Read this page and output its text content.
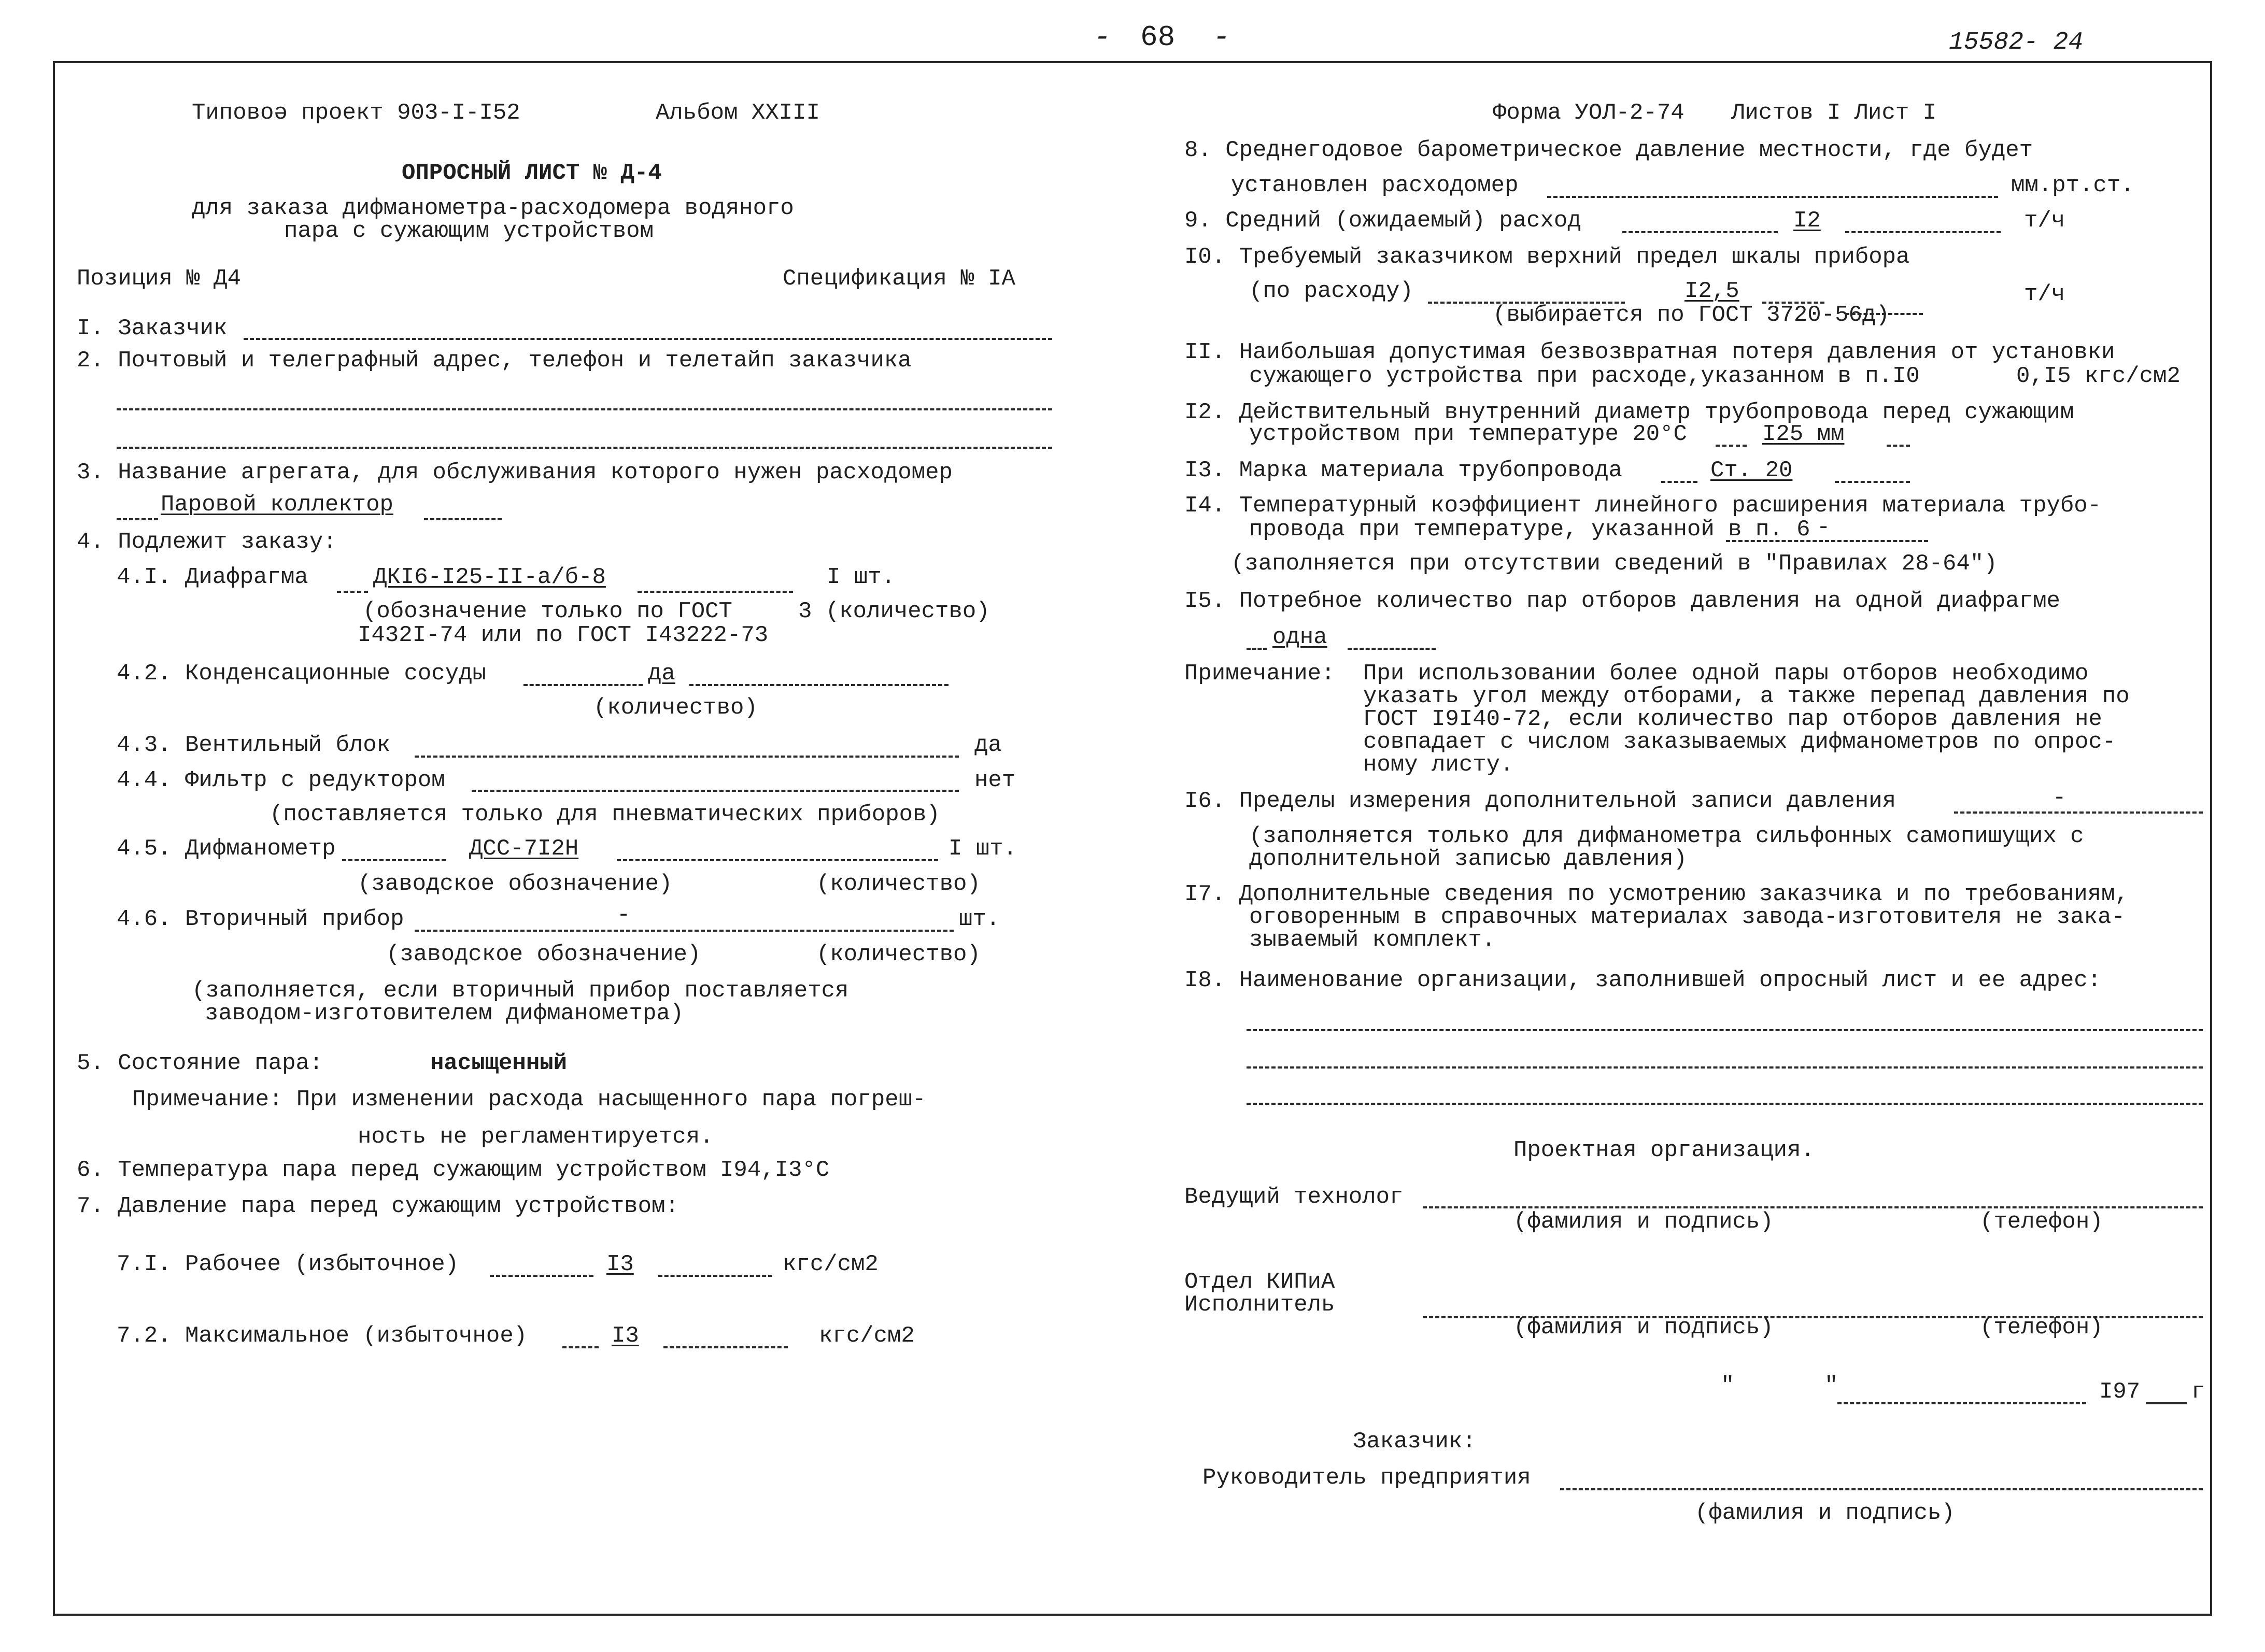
- 68 -	15582- 24
Типовоə проект 903-I-I52	Альбом XXIII
ОПРОСНЫЙ ЛИСТ № Д-4
для заказа дифманометра-расходомера водяного
пара с сужающим устройством
Позиция № Д4	Спецификация № IA
I. Заказчик
2. Почтовый и телеграфный адрес, телефон и телетайп заказчика
3. Название агрегата, для обслуживания которого нужен расходомер
Паровой коллектор
4. Подлежит заказу:
4.I. Диафрагма	ДКI6-I25-II-а/б-8	I шт.
(обозначение только по ГОСТ	3 (количество)
I432I-74 или по ГОСТ I43222-73
4.2. Конденсационные сосуды	да
(количество)
4.3. Вентильный блок	да
4.4. Фильтр с редуктором	нет
(поставляется только для пневматических приборов)
4.5. Дифманометр	ДСС-7I2Н	I шт.
(заводское обозначение)	(количество)
4.6. Вторичный прибор	-	шт.
(заводское обозначение)	(количество)
(заполняется, если вторичный прибор поставляется
заводом-изготовителем дифманометра)
5. Состояние пара:	насыщенный
Примечание: При изменении расхода насыщенного пара погреш-
ность не регламентируется.
6. Температура пара перед сужающим устройством I94,I3°C
7. Давление пара перед сужающим устройством:
7.I. Рабочее (избыточное)	I3	кгс/см2
7.2. Максимальное (избыточное)	I3	кгс/см2
Форма УОЛ-2-74 Листов I Лист I
8. Среднегодовое барометрическое давление местности, где будет
установлен расходомер	мм.рт.ст.
9. Средний (ожидаемый) расход	I2	т/ч
I0. Требуемый заказчиком верхний предел шкалы прибора
(по расходу)	I2,5
(выбирается по ГОСТ 3720-56д)
т/ч
II. Наибольшая допустимая безвозвратная потеря давления от установки
сужающего устройства при расходе,указанном в п.I0	0,I5 кгс/см2
I2. Действительный внутренний диаметр трубопровода перед сужающим
устройством при температуре 20°C	I25 мм
I3. Марка материала трубопровода	Ст. 20
I4. Температурный коэффициент линейного расширения материала трубо-
провода при температуре, указанной в п. 6 -
(заполняется при отсутствии сведений в "Правилах 28-64")
I5. Потребное количество пар отборов давления на одной диафрагме
одна
Примечание: При использовании более одной пары отборов необходимо
указать угол между отборами, а также перепад давления по
ГОСТ I9I40-72, если количество пар отборов давления не
совпадает с числом заказываемых дифманометров по опрос-
ному листу.
I6. Пределы измерения дополнительной записи давления	-
(заполняется только для дифманометра сильфонных самопишущих с
дополнительной записью давления)
I7. Дополнительные сведения по усмотрению заказчика и по требованиям,
оговоренным в справочных материалах завода-изготовителя не зака-
зываемый комплект.
I8. Наименование организации, заполнившей опросный лист и ее адрес:
Проектная организация.
Ведущий технолог
(фамилия и подпись)	(телефон)
Отдел КИПиА
Исполнитель
(фамилия и подпись)	(телефон)
"	"	I97 г
Заказчик:
Руководитель предприятия
(фамилия и подпись)
